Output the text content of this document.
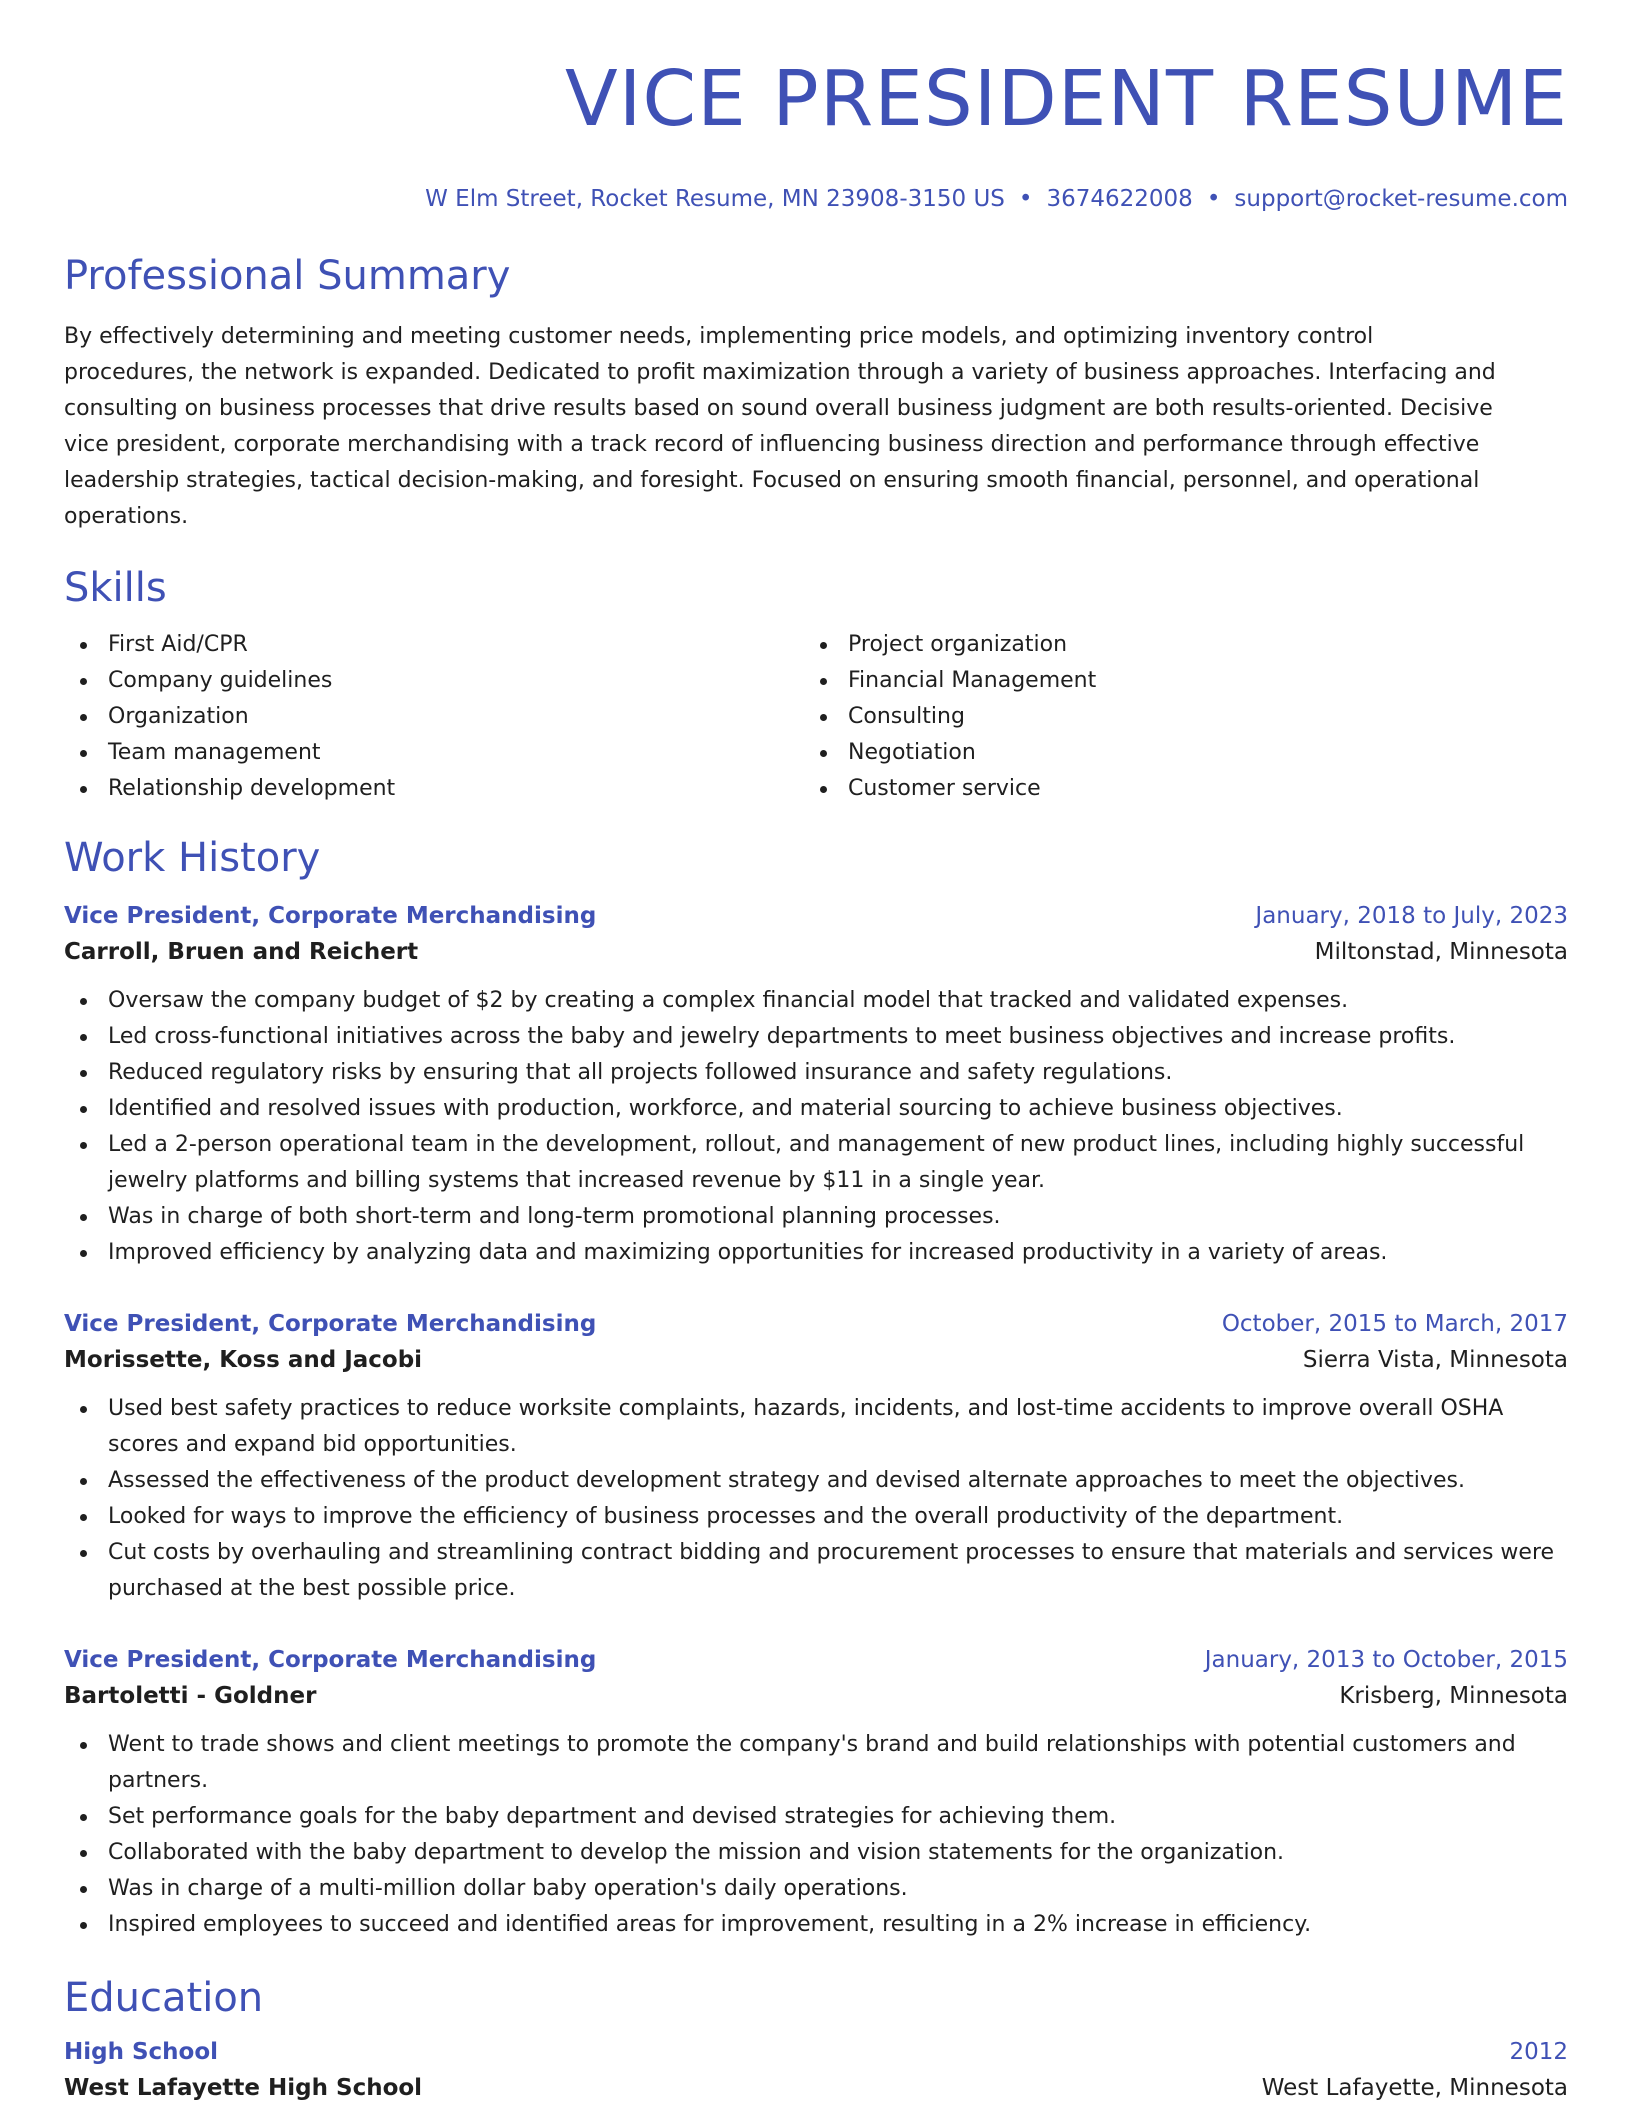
VICE PRESIDENT RESUME
W Elm Street, Rocket Resume, MN 23908-3150 US • 3674622008 • support@rocket-resume.com
Professional Summary

By effectively determining and meeting customer needs, implementing price models, and optimizing inventory control procedures, the network is expanded. Dedicated to profit maximization through a variety of business approaches. Interfacing and consulting on business processes that drive results based on sound overall business judgment are both results-oriented. Decisive vice president, corporate merchandising with a track record of influencing business direction and performance through effective leadership strategies, tactical decision-making, and foresight. Focused on ensuring smooth financial, personnel, and operational operations.

Skills
First Aid/CPR
Company guidelines
Organization
Team management
Relationship development
Project organization
Financial Management
Consulting
Negotiation
Customer service
Work History
Vice President, Corporate Merchandising	January, 2018 to July, 2023
Carroll, Bruen and Reichert	Miltonstad, Minnesota
Oversaw the company budget of $2 by creating a complex financial model that tracked and validated expenses.
Led cross-functional initiatives across the baby and jewelry departments to meet business objectives and increase profits.
Reduced regulatory risks by ensuring that all projects followed insurance and safety regulations.
Identified and resolved issues with production, workforce, and material sourcing to achieve business objectives.
Led a 2-person operational team in the development, rollout, and management of new product lines, including highly successful jewelry platforms and billing systems that increased revenue by $11 in a single year.
Was in charge of both short-term and long-term promotional planning processes.
Improved efficiency by analyzing data and maximizing opportunities for increased productivity in a variety of areas.
Vice President, Corporate Merchandising	October, 2015 to March, 2017
Morissette, Koss and Jacobi	Sierra Vista, Minnesota
Used best safety practices to reduce worksite complaints, hazards, incidents, and lost-time accidents to improve overall OSHA scores and expand bid opportunities.
Assessed the effectiveness of the product development strategy and devised alternate approaches to meet the objectives.
Looked for ways to improve the efficiency of business processes and the overall productivity of the department.
Cut costs by overhauling and streamlining contract bidding and procurement processes to ensure that materials and services were purchased at the best possible price.
Vice President, Corporate Merchandising	January, 2013 to October, 2015
Bartoletti - Goldner	Krisberg, Minnesota
Went to trade shows and client meetings to promote the company's brand and build relationships with potential customers and partners.
Set performance goals for the baby department and devised strategies for achieving them.
Collaborated with the baby department to develop the mission and vision statements for the organization.
Was in charge of a multi-million dollar baby operation's daily operations.
Inspired employees to succeed and identified areas for improvement, resulting in a 2% increase in efficiency.
Education
High School	2012
West Lafayette High School	West Lafayette, Minnesota
